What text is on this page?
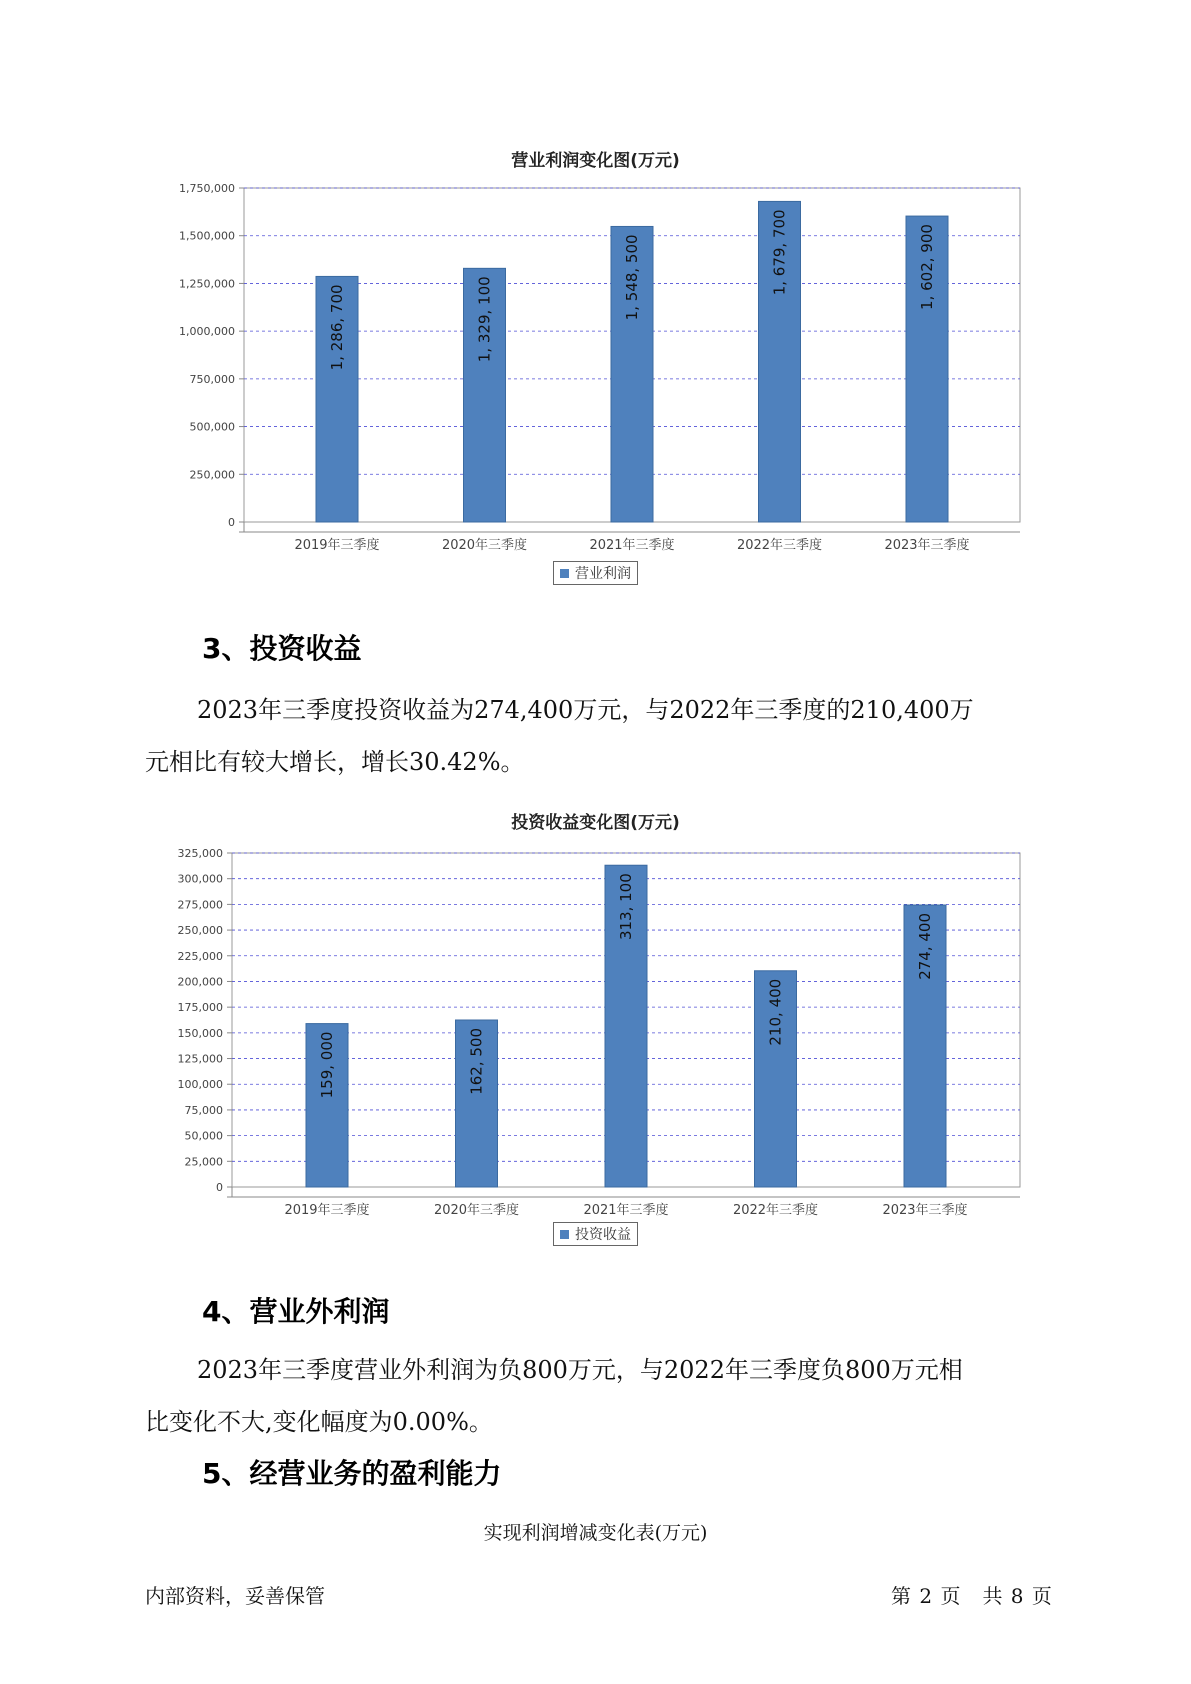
营业利润变化图(万元)
0
250,000
500,000
750,000
1,000,000
1,250,000
1,500,000
1,750,000
1, 286, 700
2019年三季度
1, 329, 100
2020年三季度
1, 548, 500
2021年三季度
1, 679, 700
2022年三季度
1, 602, 900
2023年三季度
营业利润
3、投资收益
2023年三季度投资收益为274,400万元，与2022年三季度的210,400万
元相比有较大增长，增长30.42%。
投资收益变化图(万元)
0
25,000
50,000
75,000
100,000
125,000
150,000
175,000
200,000
225,000
250,000
275,000
300,000
325,000
159, 000
2019年三季度
162, 500
2020年三季度
313, 100
2021年三季度
210, 400
2022年三季度
274, 400
2023年三季度
投资收益
4、营业外利润
2023年三季度营业外利润为负800万元，与2022年三季度负800万元相
比变化不大,变化幅度为0.00%。
5、经营业务的盈利能力
实现利润增减变化表(万元)
内部资料，妥善保管	第 2 页　共 8 页
